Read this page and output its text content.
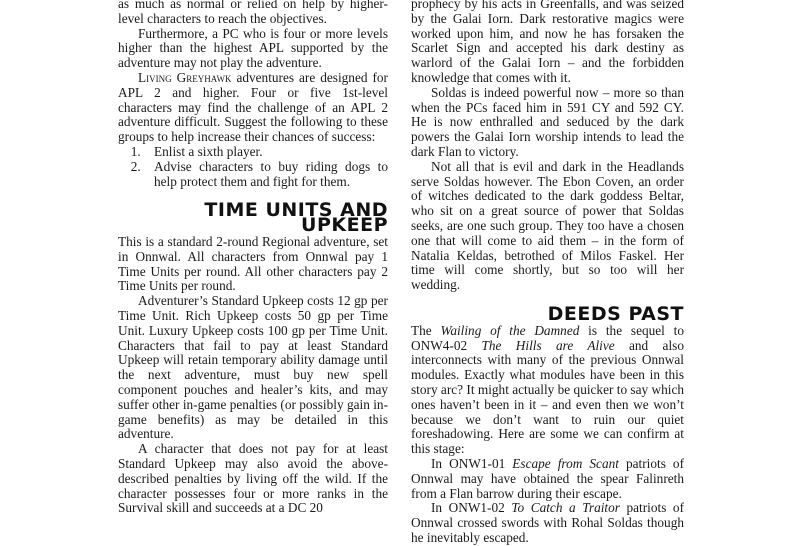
as much as normal or relied on help by higher-level characters to reach the objectives.

Furthermore, a PC who is four or more levels higher than the highest APL supported by the adventure may not play the adventure.

Living Greyhawk adventures are designed for APL 2 and higher. Four or five 1st-level characters may find the challenge of an APL 2 adventure difficult. Suggest the following to these groups to help increase their chances of success:

1. Enlist a sixth player.
2. Advise characters to buy riding dogs to help protect them and fight for them.
TIME UNITS AND UPKEEP

This is a standard 2-round Regional adventure, set in Onnwal. All characters from Onnwal pay 1 Time Units per round. All other characters pay 2 Time Units per round.

Adventurer’s Standard Upkeep costs 12 gp per Time Unit. Rich Upkeep costs 50 gp per Time Unit. Luxury Upkeep costs 100 gp per Time Unit. Characters that fail to pay at least Standard Upkeep will retain temporary ability damage until the next adventure, must buy new spell component pouches and healer’s kits, and may suffer other in-game penalties (or possibly gain in-game benefits) as may be detailed in this adventure.

A character that does not pay for at least Standard Upkeep may also avoid the above-described penalties by living off the wild. If the character possesses four or more ranks in the Survival skill and succeeds at a DC 20

prophecy by his acts in Greenfalls, and was seized by the Galai Iorn. Dark restorative magics were worked upon him, and now he has forsaken the Scarlet Sign and accepted his dark destiny as warlord of the Galai Iorn – and the forbidden knowledge that comes with it.

Soldas is indeed powerful now – more so than when the PCs faced him in 591 CY and 592 CY. He is now enthralled and seduced by the dark powers the Galai Iorn worship intends to lead the dark Flan to victory.

Not all that is evil and dark in the Headlands serve Soldas however. The Ebon Coven, an order of witches dedicated to the dark goddess Beltar, who sit on a great source of power that Soldas seeks, are one such group. They too have a chosen one that will come to aid them – in the form of Natalia Keldas, betrothed of Milos Faskel. Her time will come shortly, but so too will her wedding.

DEEDS PAST

The Wailing of the Damned is the sequel to ONW4-02 The Hills are Alive and also interconnects with many of the previous Onnwal modules. Exactly what modules have been in this story arc? It might actually be quicker to say which ones haven’t been in it – and even then we won’t because we don’t want to ruin our quiet foreshadowing. Here are some we can confirm at this stage:

In ONW1-01 Escape from Scant patriots of Onnwal may have obtained the spear Falinreth from a Flan barrow during their escape.

In ONW1-02 To Catch a Traitor patriots of Onnwal crossed swords with Rohal Soldas though he inevitably escaped.
